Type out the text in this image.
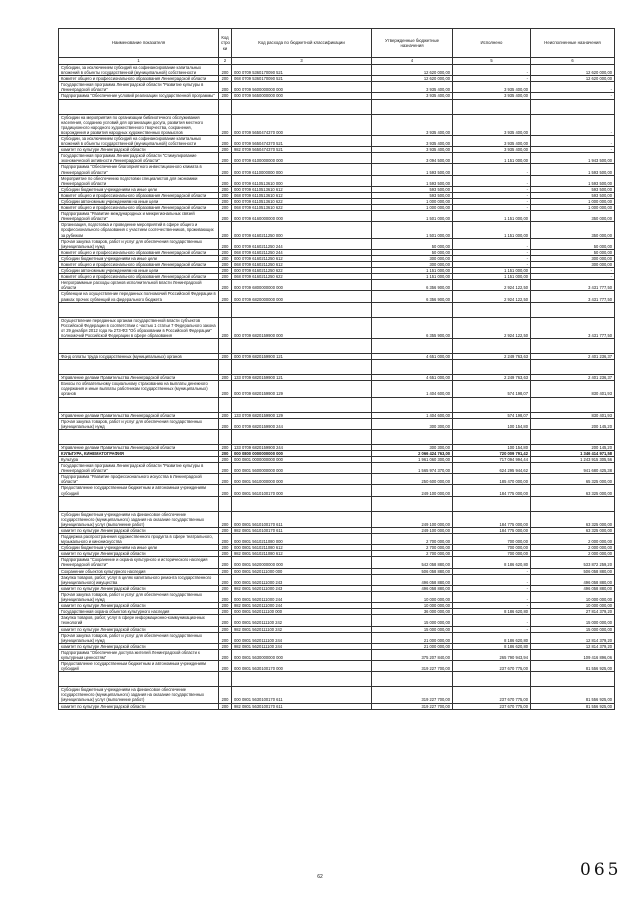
Наименование показателя	Код стро ки	Код расхода по бюджетной классификации	Утвержденные бюджетные назначения	Исполнено	Неисполненные назначения
1	2	3	4	5	6
Субсидии, за исключением субсидий на софинансирование капитальных вложений в объекты государственной (муниципальной) собственности	200	000 0709 5360170090 521	12 620 000,00	-	12 620 000,00
Комитет общего и профессионального образования Ленинградской области	200	068 0709 5360170090 521	12 620 000,00	-	12 620 000,00
Государственная программа Ленинградской области "Развитие культуры в Ленинградской области"	200	000 0709 5600000000 000	3 935 400,00	3 935 400,00	-
Подпрограмма "Обеспечение условий реализации государственной программы"	200	000 0709 5650000000 000	3 935 400,00	3 935 400,00	-

Субсидии на мероприятия по организации библиотечного обслуживания населения, созданию условий для организации досуга, развития местного традиционного народного художественного творчества, сохранения, возрождения и развития народных художественных промыслов	200	000 0709 5650474370 000	3 935 400,00	3 935 400,00	-
Субсидии, за исключением субсидий на софинансирование капитальных вложений в объекты государственной (муниципальной) собственности	200	000 0709 5650474370 521	3 935 400,00	3 935 400,00	-
комитет по культуре Ленинградской области	200	982 0709 5650474370 521	3 935 400,00	3 935 400,00	-
Государственная программа Ленинградской области "Стимулирование экономической активности Ленинградской области"	200	000 0709 6100000000 000	3 094 500,00	1 151 000,00	1 943 500,00
Подпрограмма "Обеспечение благоприятного инвестиционного климата в Ленинградской области"	200	000 0709 6110000000 000	1 593 500,00	-	1 593 500,00
Мероприятие по обеспечению подготовки специалистов для экономики Ленинградской области	200	000 0709 6110513610 000	1 593 500,00	-	1 593 500,00
Субсидии бюджетным учреждениям на иные цели	200	000 0709 6110513610 612	593 500,00	-	593 500,00
Комитет общего и профессионального образования Ленинградской области	200	068 0709 6110513610 612	593 500,00	-	593 500,00
Субсидии автономным учреждениям на иные цели	200	000 0709 6110513610 622	1 000 000,00	-	1 000 000,00
Комитет общего и профессионального образования Ленинградской области	200	068 0709 6110513610 622	1 000 000,00	-	1 000 000,00
Подпрограмма "Развитие международных и межрегиональных связей Ленинградской области"	200	000 0709 6160000000 000	1 501 000,00	1 151 000,00	350 000,00
Организация, подготовка и проведение мероприятий в сфере общего и профессионального образования с участием соотечественников, проживающих за рубежом	200	000 0709 6160211250 000	1 501 000,00	1 151 000,00	350 000,00
Прочая закупка товаров, работ и услуг для обеспечения государственных (муниципальных) нужд	200	000 0709 6160211250 244	50 000,00	-	50 000,00
Комитет общего и профессионального образования Ленинградской области	200	068 0709 6160211250 244	50 000,00	-	50 000,00
Субсидии бюджетным учреждениям на иные цели	200	000 0709 6160211250 612	300 000,00	-	300 000,00
Комитет общего и профессионального образования Ленинградской области	200	068 0709 6160211250 612	300 000,00	-	300 000,00
Субсидии автономным учреждениям на иные цели	200	000 0709 6160211250 622	1 151 000,00	1 151 000,00	-
Комитет общего и профессионального образования Ленинградской области	200	068 0709 6160211250 622	1 151 000,00	1 151 000,00	-
Непрограммные расходы органов исполнительной власти Ленинградской области	200	000 0709 6800000000 000	6 356 900,00	2 924 122,50	3 431 777,50
Субвенции на осуществление переданных полномочий Российской Федерации в рамках прочих субвенций из федерального бюджета	200	000 0709 6820000000 000	6 356 900,00	2 924 122,50	3 431 777,50

Осуществление переданных органам государственной власти субъектов Российской Федерации в соответствии с частью 1 статьи 7 Федерального закона от 29 декабря 2012 года № 273-ФЗ "Об образовании в Российской Федерации" полномочий Российской Федерации в сфере образования	200	000 0709 6820159900 000	6 355 900,00	2 924 122,50	3 431 777,50

Фонд оплаты труда государственных (муниципальных) органов	200	000 0709 6820159900 121	4 651 000,00	2 249 763,63	2 401 236,37

Управление делами Правительства Ленинградской области	200	133 0709 6820159900 121	4 651 000,00	2 249 763,63	2 401 236,37
Взносы по обязательному социальному страхованию на выплаты денежного содержания и иные выплаты работникам государственных (муниципальных) органов	200	000 0709 6820159900 129	1 404 600,00	574 198,07	830 401,93

Управление делами Правительства Ленинградской области	200	133 0709 6820159900 129	1 404 600,00	574 198,07	830 401,93
Прочая закупка товаров, работ и услуг для обеспечения государственных (муниципальных) нужд	200	000 0709 6820159900 244	300 300,00	100 154,80	200 145,20

Управление делами Правительства Ленинградской области	200	133 0709 6820159900 244	300 300,00	100 154,80	200 145,20
КУЛЬТУРА, КИНЕМАТОГРАФИЯ	200	000 0800 0000000000 000	2 066 424 763,00	720 009 791,42	1 346 414 971,58
Культура	200	000 0801 0000000000 000	1 961 060 300,00	717 094 994,44	1 243 915 305,56
Государственная программа Ленинградской области "Развитие культуры в Ленинградской области"	200	000 0801 5600000000 000	1 565 974 370,00	624 295 944,62	941 680 425,38
Подпрограмма "Развитие профессионального искусства в Ленинградской области"	200	000 0801 5610000000 000	250 600 000,00	185 470 000,00	65 325 000,00
Предоставление государственным бюджетным и автономным учреждениям субсидий	200	000 0801 5610100170 000	249 100 000,00	184 775 000,00	63 325 000,00

Субсидии бюджетным учреждениям на финансовое обеспечение государственного (муниципального) задания на оказание государственных (муниципальных) услуг (выполнение работ)	200	000 0801 5610100170 611	249 100 000,00	184 775 000,00	63 325 000,00
комитет по культуре Ленинградской области	200	982 0801 5610100170 611	249 100 000,00	184 775 000,00	63 325 000,00
Поддержка распространения художественного продукта в сфере театрального, музыкального и кинонискусства	200	000 0801 5610211080 000	2 700 000,00	700 000,00	2 000 000,00
Субсидии бюджетным учреждениям на иные цели	200	000 0801 5610211080 612	2 700 000,00	700 000,00	2 000 000,00
комитет по культуре Ленинградской области	200	982 0801 5610211080 612	2 700 000,00	700 000,00	2 000 000,00
Подпрограмма "Сохранение и охрана культурного и исторического наследия Ленинградской области"	200	000 0801 5620000000 000	542 058 880,00	8 186 620,80	533 872 259,20
Сохранение объектов культурного наследия	200	000 0801 5620111000 000	506 058 880,00	-	506 058 880,00
Закупка товаров, работ, услуг в целях капитального ремонта государственного (муниципального) имущества	200	000 0801 5620111000 243	496 058 880,00	-	496 058 880,00
комитет по культуре Ленинградской области	200	982 0801 5620111000 243	496 058 880,00	-	496 058 880,00
Прочая закупка товаров, работ и услуг для обеспечения государственных (муниципальных) нужд	200	000 0801 5620111000 244	10 000 000,00	-	10 000 000,00
комитет по культуре Ленинградской области	200	982 0801 5620111000 244	10 000 000,00	-	10 000 000,00
Государственная охрана объектов культурного наследия	200	000 0801 5620111100 000	36 000 000,00	8 186 620,80	27 814 379,20
Закупка товаров, работ, услуг в сфере информационно-коммуникационных технологий	200	000 0801 5620111100 242	15 000 000,00	-	15 000 000,00
комитет по культуре Ленинградской области	200	982 0801 5620111100 242	15 000 000,00	-	15 000 000,00
Прочая закупка товаров, работ и услуг для обеспечения государственных (муниципальных) нужд	200	000 0801 5620111100 244	21 000 000,00	8 186 620,80	12 814 379,20
комитет по культуре Ленинградской области	200	982 0801 5620111100 244	21 000 000,00	8 186 620,80	12 814 379,20
Подпрограмма "Обеспечение доступа жителей Ленинградской области к культурным ценностям"	200	000 0801 5630000000 000	375 207 840,00	265 790 943,94	109 416 896,06
Предоставление государственным бюджетным и автономным учреждениям субсидий	200	000 0801 5630100170 000	319 227 700,00	237 670 775,00	81 556 925,00

Субсидии бюджетным учреждениям на финансовое обеспечение государственного (муниципального) задания на оказание государственных (муниципальных) услуг (выполнение работ)	200	000 0801 5630100170 611	319 227 700,00	237 670 775,00	81 556 925,00
комитет по культуре Ленинградской области	200	982 0801 5630100170 611	319 227 700,00	237 670 775,00	81 556 925,00
62	065
